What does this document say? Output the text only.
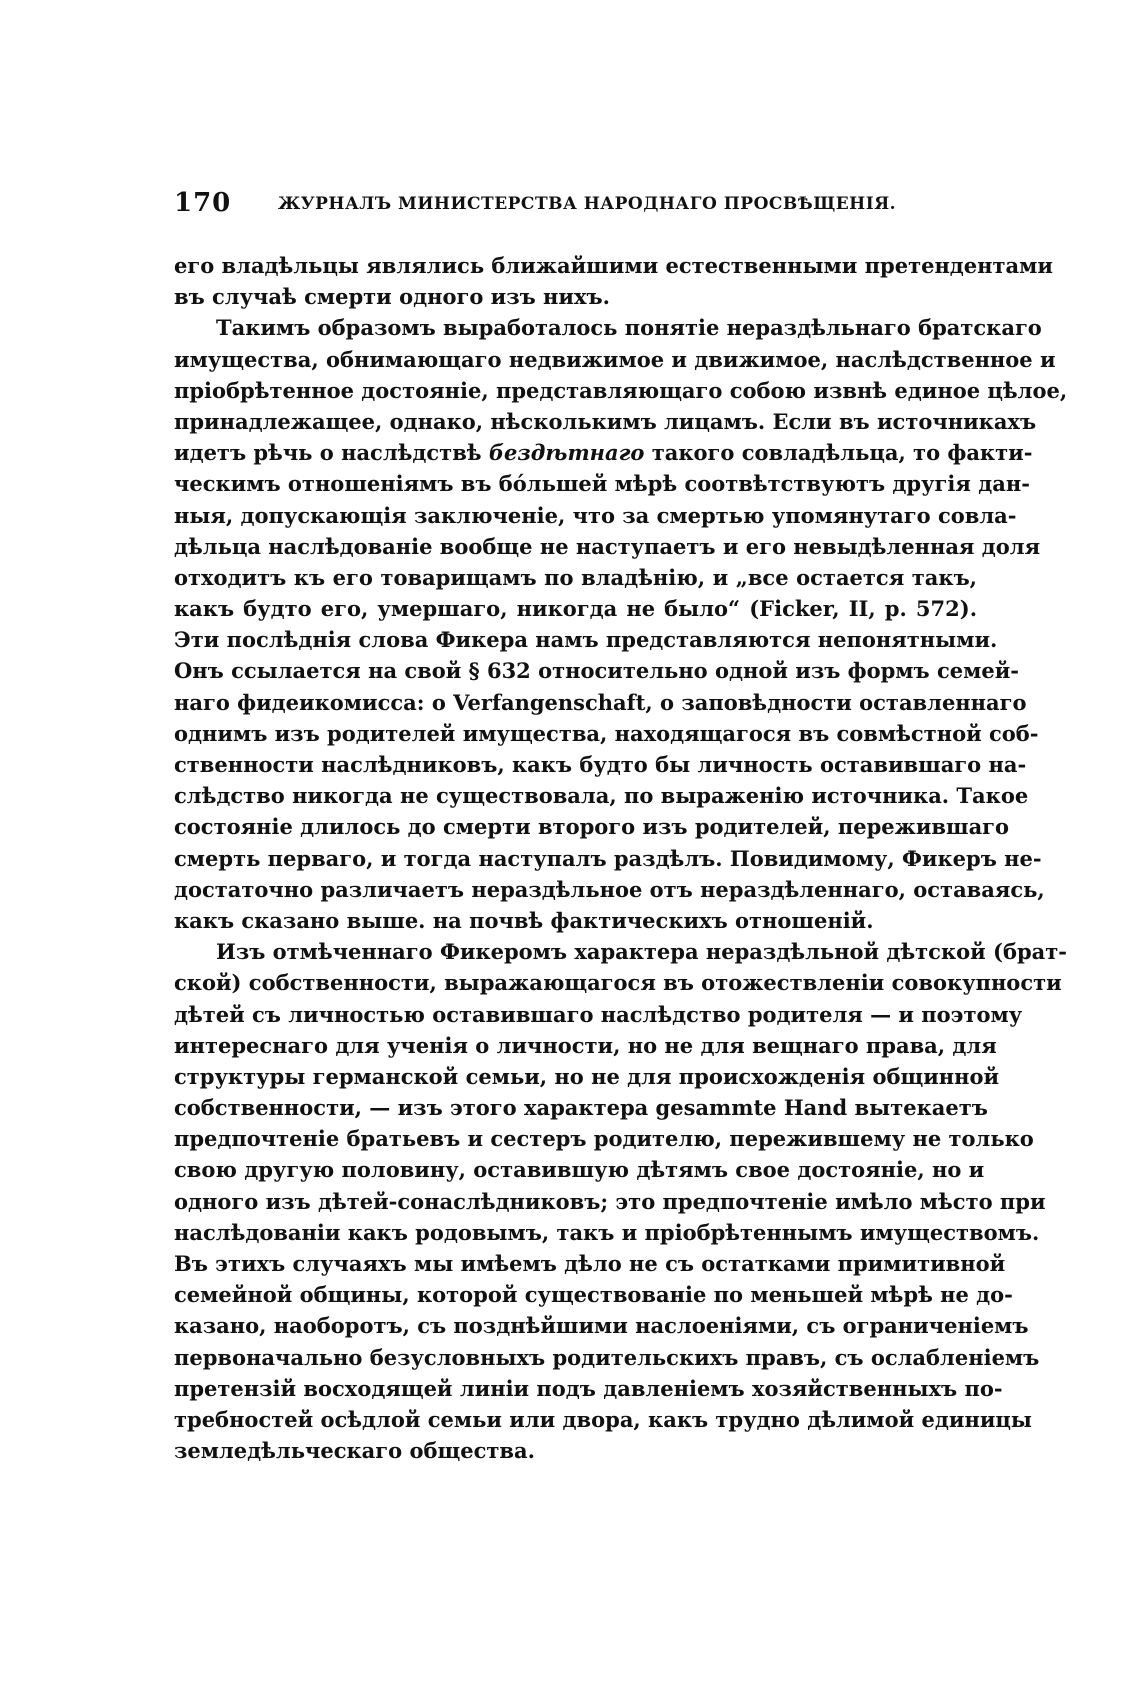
170	ЖУРНАЛЪ МИНИСТЕРСТВА НАРОДНАГО ПРОСВѢЩЕНІЯ.

его владѣльцы являлись ближайшими естественными претендентами
въ случаѣ смерти одного изъ нихъ.

Такимъ образомъ выработалось понятіе нераздѣльнаго братскаго
имущества, обнимающаго недвижимое и движимое, наслѣдственное и
пріобрѣтенное достояніе, представляющаго собою извнѣ единое цѣлое,
принадлежащее, однако, нѣсколькимъ лицамъ. Если въ источникахъ
идетъ рѣчь о наслѣдствѣ бездѣтнаго такого совладѣльца, то факти-
ческимъ отношеніямъ въ бóльшей мѣрѣ соотвѣтствуютъ другія дан-
ныя, допускающія заключеніе, что за смертью упомянутаго совла-
дѣльца наслѣдованіе вообще не наступаетъ и его невыдѣленная доля
отходитъ къ его товарищамъ по владѣнію, и „все остается такъ,
какъ будто его, умершаго, никогда не было“ (Ficker, II, p. 572).
Эти послѣднія слова Фикера намъ представляются непонятными.
Онъ ссылается на свой § 632 относительно одной изъ формъ семей-
наго фидеикомисса: о Verfangenschaft, о заповѣдности оставленнаго
однимъ изъ родителей имущества, находящагося въ совмѣстной соб-
ственности наслѣдниковъ, какъ будто бы личность оставившаго на-
слѣдство никогда не существовала, по выраженію источника. Такое
состояніе длилось до смерти второго изъ родителей, пережившаго
смерть перваго, и тогда наступалъ раздѣлъ. Повидимому, Фикеръ не-
достаточно различаетъ нераздѣльное отъ нераздѣленнаго, оставаясь,
какъ сказано выше. на почвѣ фактическихъ отношеній.

Изъ отмѣченнаго Фикеромъ характера нераздѣльной дѣтской (брат-
ской) собственности, выражающагося въ отожествленіи совокупности
дѣтей съ личностью оставившаго наслѣдство родителя — и поэтому
интереснаго для ученія о личности, но не для вещнаго права, для
структуры германской семьи, но не для происхожденія общинной
собственности, — изъ этого характера gesammte Hand вытекаетъ
предпочтеніе братьевъ и сестеръ родителю, пережившему не только
свою другую половину, оставившую дѣтямъ свое достояніе, но и
одного изъ дѣтей-сонаслѣдниковъ; это предпочтеніе имѣло мѣсто при
наслѣдованіи какъ родовымъ, такъ и пріобрѣтеннымъ имуществомъ.
Въ этихъ случаяхъ мы имѣемъ дѣло не съ остатками примитивной
семейной общины, которой существованіе по меньшей мѣрѣ не до-
казано, наоборотъ, съ позднѣйшими наслоеніями, съ ограниченіемъ
первоначально безусловныхъ родительскихъ правъ, съ ослабленіемъ
претензій восходящей линіи подъ давленіемъ хозяйственныхъ по-
требностей осѣдлой семьи или двора, какъ трудно дѣлимой единицы
земледѣльческаго общества.
